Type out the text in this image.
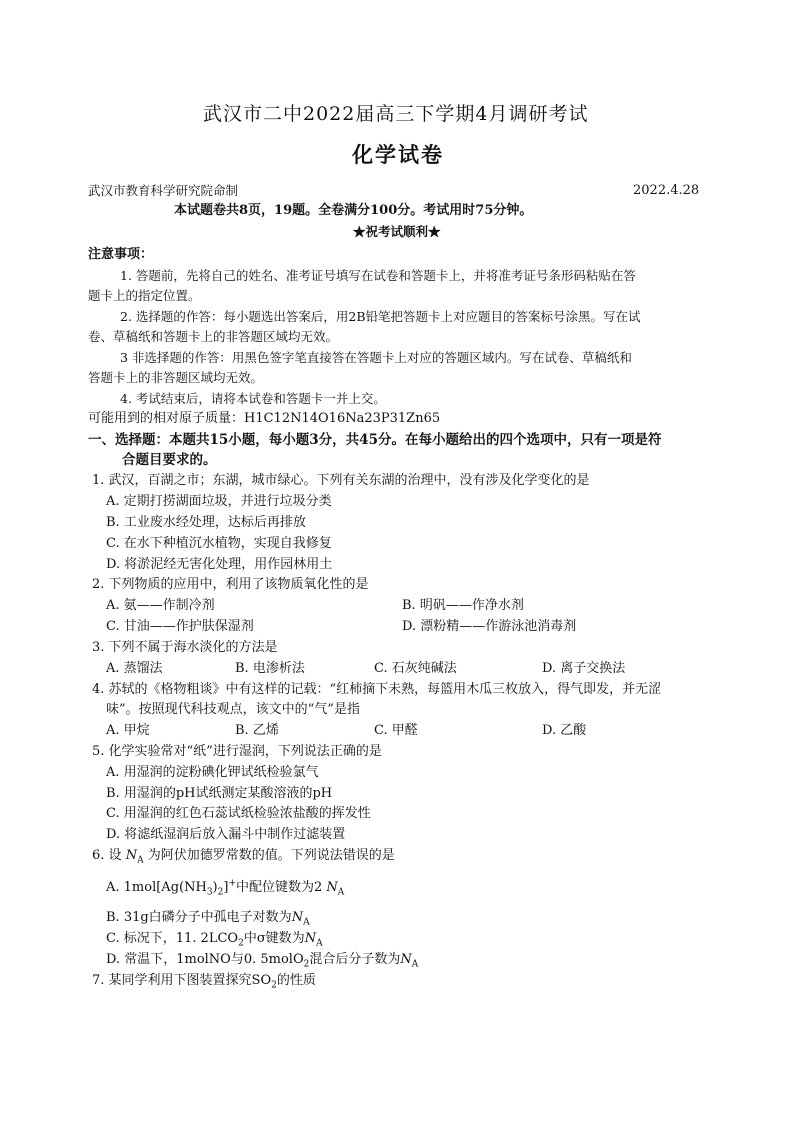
武汉市二中2022届高三下学期4月调研考试
化学试卷
武汉市教育科学研究院命制	2022.4.28
本试题卷共8页，19题。全卷满分100分。考试用时75分钟。
★祝考试顺利★
注意事项：
1. 答题前，先将自己的姓名、准考证号填写在试卷和答题卡上，并将准考证号条形码粘贴在答
题卡上的指定位置。
2. 选择题的作答：每小题选出答案后，用2B铅笔把答题卡上对应题目的答案标号涂黑。写在试
卷、草稿纸和答题卡上的非答题区域均无效。
3 非选择题的作答：用黑色签字笔直接答在答题卡上对应的答题区域内。写在试卷、草稿纸和
答题卡上的非答题区域均无效。
4. 考试结束后，请将本试卷和答题卡一并上交。
可能用到的相对原子质量：H1C12N14O16Na23P31Zn65
一、选择题：本题共15小题，每小题3分，共45分。在每小题给出的四个选项中，只有一项是符
合题目要求的。
1. 武汉，百湖之市；东湖，城市绿心。下列有关东湖的治理中，没有涉及化学变化的是
A. 定期打捞湖面垃圾，并进行垃圾分类
B. 工业废水经处理，达标后再排放
C. 在水下种植沉水植物，实现自我修复
D. 将淤泥经无害化处理，用作园林用土
2. 下列物质的应用中，利用了该物质氧化性的是
A. 氨——作制冷剂	B. 明矾——作净水剂
C. 甘油——作护肤保湿剂	D. 漂粉精——作游泳池消毒剂
3. 下列不属于海水淡化的方法是
A. 蒸馏法	B. 电渗析法	C. 石灰纯碱法	D. 离子交换法
4. 苏轼的《格物粗谈》中有这样的记载：“红柿摘下未熟，每篮用木瓜三枚放入，得气即发，并无涩
味”。按照现代科技观点，该文中的“气”是指
A. 甲烷	B. 乙烯	C. 甲醛	D. 乙酸
5. 化学实验常对“纸”进行湿润，下列说法正确的是
A. 用湿润的淀粉碘化钾试纸检验氯气
B. 用湿润的pH试纸测定某酸溶液的pH
C. 用湿润的红色石蕊试纸检验浓盐酸的挥发性
D. 将滤纸湿润后放入漏斗中制作过滤装置
6. 设 $N_A$ 为阿伏加德罗常数的值。下列说法错误的是
A. $1mol[Ag(NH_3)_2]^+$中配位键数为2 $N_A$
B. 31g白磷分子中孤电子对数为$N_A$
C. 标况下，11. $2LCO_2$中σ键数为$N_A$
D. 常温下，1molNO与0. 5molO$_2$混合后分子数为$N_A$
7. 某同学利用下图装置探究$SO_2$的性质
